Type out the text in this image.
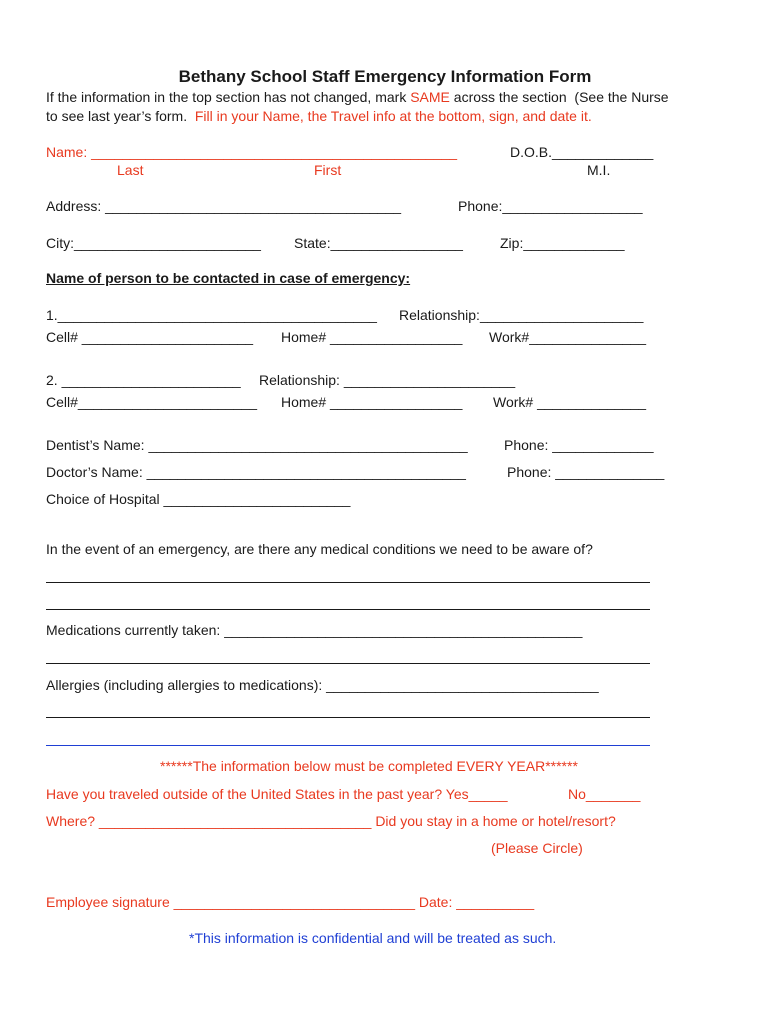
Bethany School Staff Emergency Information Form
If the information in the top section has not changed, mark SAME across the section  (See the Nurse
to see last year’s form.  Fill in your Name, the Travel info at the bottom, sign, and date it.
Name: _______________________________________________	D.O.B._____________
Last	First	M.I.
Address: ______________________________________	Phone:__________________
City:________________________ State:_________________	Zip:_____________
Name of person to be contacted in case of emergency:
1._________________________________________ Relationship:_____________________
Cell# ______________________ Home# _________________ Work#_______________
2. _______________________ Relationship: ______________________
Cell#_______________________ Home# _________________ Work# ______________
Dentist’s Name: _________________________________________	Phone: _____________
Doctor’s Name: _________________________________________	Phone: ______________
Choice of Hospital ________________________
In the event of an emergency, are there any medical conditions we need to be aware of?
Medications currently taken: ______________________________________________
Allergies (including allergies to medications): ___________________________________
******The information below must be completed EVERY YEAR******
Have you traveled outside of the United States in the past year? Yes_____	No_______
Where? ___________________________________ Did you stay in a home or hotel/resort?
(Please Circle)
Employee signature _______________________________ Date: __________
*This information is confidential and will be treated as such.
